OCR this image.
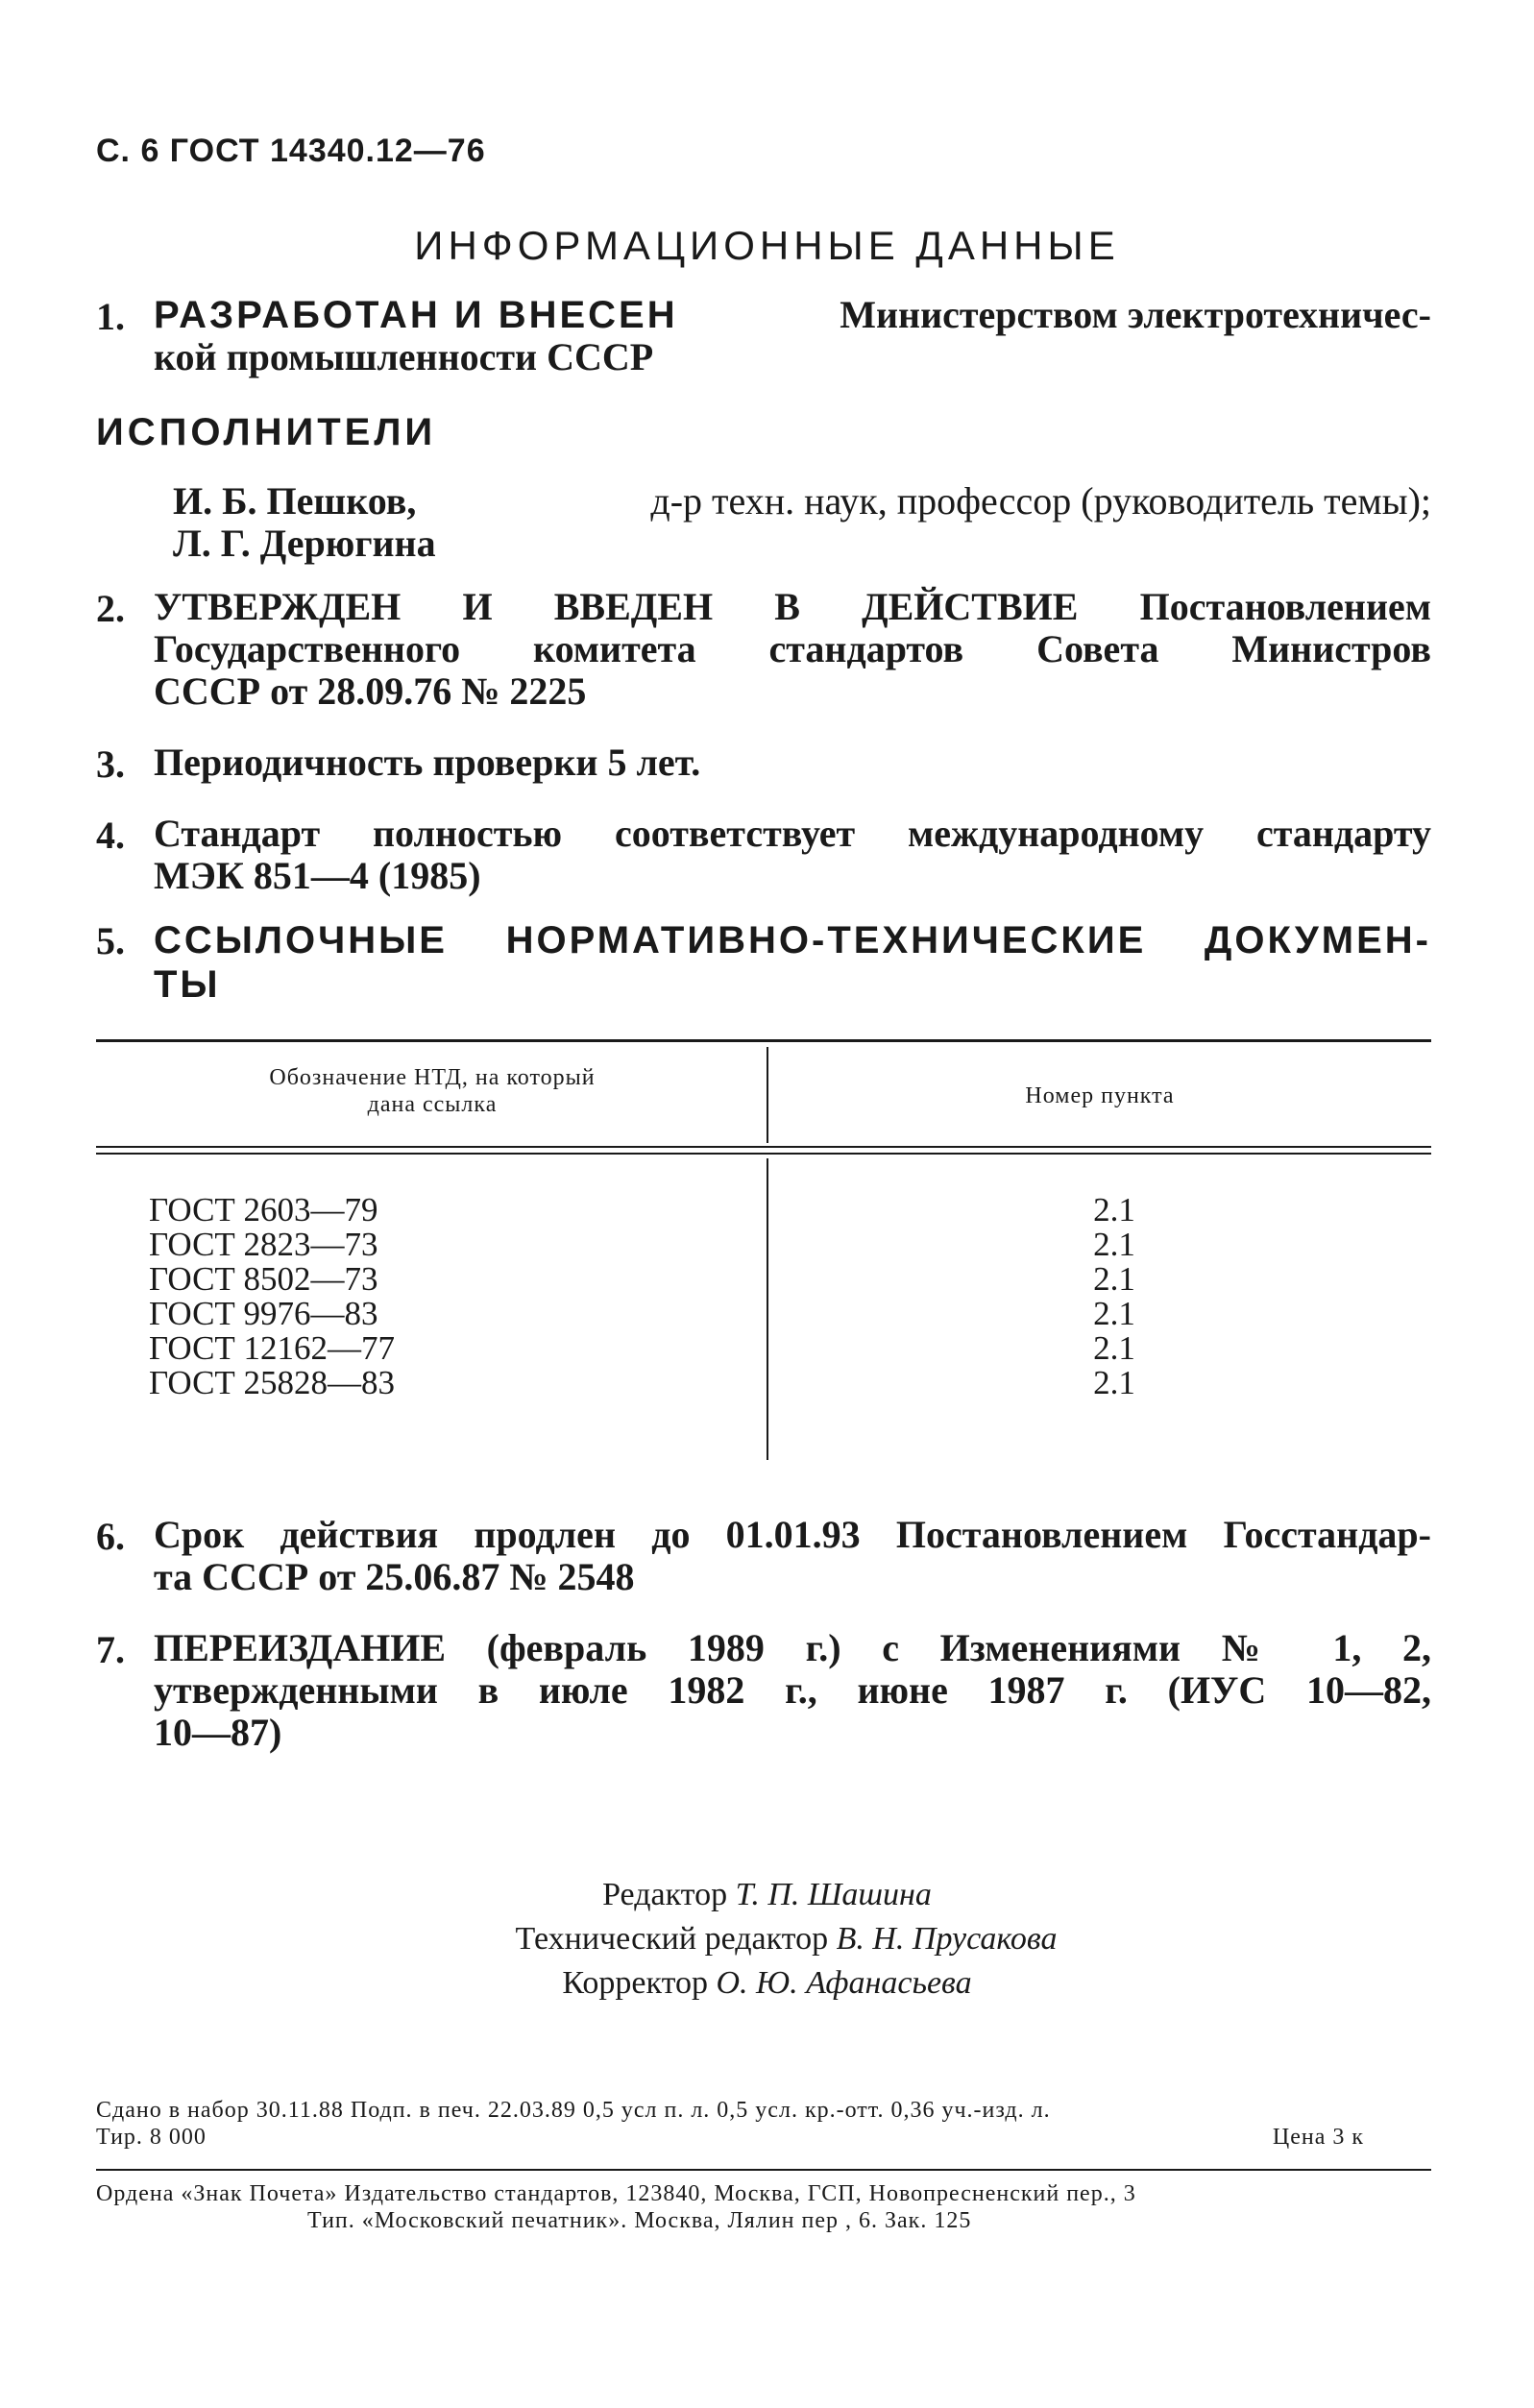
С. 6 ГОСТ 14340.12—76
ИНФОРМАЦИОННЫЕ ДАННЫЕ
1. РАЗРАБОТАН И ВНЕСЕН	Министерством электротехничес-
кой промышленности СССР
ИСПОЛНИТЕЛИ
И. Б. Пешков,	д-р техн. наук, профессор (руководитель темы);
Л. Г. Дерюгина
2. УТВЕРЖДЕН И ВВЕДЕН В ДЕЙСТВИЕ Постановлением
Государственного комитета стандартов Совета Министров
СССР от 28.09.76 № 2225
3. Периодичность проверки 5 лет.
4. Стандарт полностью соответствует международному стандарту
МЭК 851—4 (1985)
5. ССЫЛОЧНЫЕ НОРМАТИВНО-ТЕХНИЧЕСКИЕ ДОКУМЕН-
ТЫ
Обозначение НТД, на который
дана ссылка	Номер пункта
ГОСТ 2603—79	2.1
ГОСТ 2823—73	2.1
ГОСТ 8502—73	2.1
ГОСТ 9976—83	2.1
ГОСТ 12162—77	2.1
ГОСТ 25828—83	2.1
6. Срок действия продлен до 01.01.93 Постановлением Госстандар-
та СССР от 25.06.87 № 2548
7. ПЕРЕИЗДАНИЕ (февраль 1989 г.) с Изменениями № 1, 2,
утвержденными в июле 1982 г., июне 1987 г. (ИУС 10—82,
10—87)
Редактор Т. П. Шашина
Технический редактор В. Н. Прусакова
Корректор О. Ю. Афанасьева
Сдано в набор 30.11.88 Подп. в печ. 22.03.89 0,5 усл п. л. 0,5 усл. кр.-отт. 0,36 уч.-изд. л.
Тир. 8 000	Цена 3 к
Ордена «Знак Почета» Издательство стандартов, 123840, Москва, ГСП, Новопресненский пер., 3
Тип. «Московский печатник». Москва, Лялин пер , 6. Зак. 125
